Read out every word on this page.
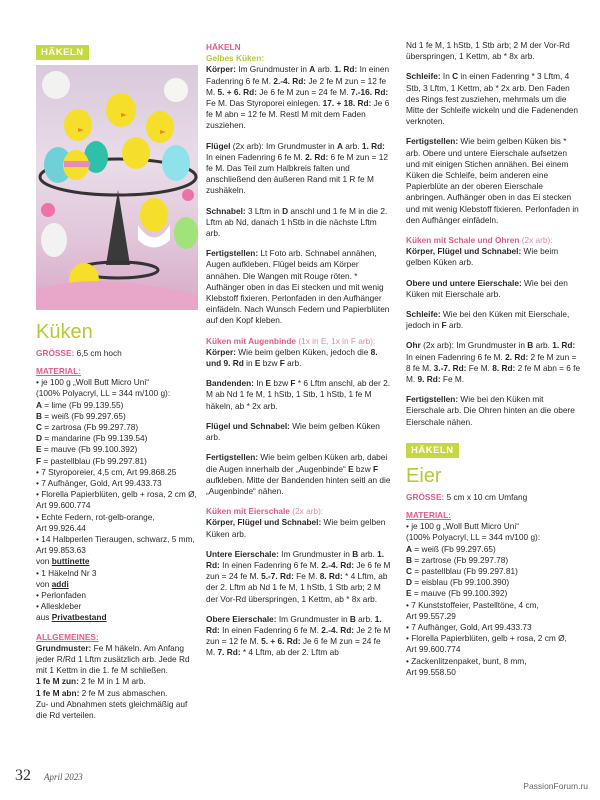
HÄKELN
Küken
GRÖSSE: 6,5 cm hoch
MATERIAL:
• je 100 g „Woll Butt Micro Uni“
(100% Polyacryl, LL = 344 m/100 g):
A = lime (Fb 99.139.55)
B = weiß (Fb 99.297.65)
C = zartrosa (Fb 99.297.78)
D = mandarine (Fb 99.139.54)
E = mauve (Fb 99.100.392)
F = pastellblau (Fb 99.297.81)
• 7 Styroporeier, 4,5 cm, Art 99.868.25
• 7 Aufhänger, Gold, Art 99.433.73
• Florella Papierblüten, gelb + rosa, 2 cm Ø,
Art 99.600.774
• Echte Federn, rot-gelb-orange,
Art 99.926.44
• 14 Halbperlen Tieraugen, schwarz, 5 mm,
Art 99.853.63
von buttinette
• 1 Häkelnd Nr 3
von addi
• Perlonfaden
• Alleskleber
aus Privatbestand
ALLGEMEINES:
Grundmuster: Fe M häkeln. Am Anfang jeder R/Rd 1 Lftm zusätzlich arb. Jede Rd mit 1 Kettm in die 1. fe M schließen.
1 fe M zun: 2 fe M in 1 M arb.
1 fe M abn: 2 fe M zus abmaschen.
Zu- und Abnahmen stets gleichmäßig auf die Rd verteilen.
HÄKELN
Gelbes Küken:

Körper: Im Grundmuster in A arb. 1. Rd: In einen Fadenring 6 fe M. 2.-4. Rd: Je 2 fe M zun = 12 fe M. 5. + 6. Rd: Je 6 fe M zun = 24 fe M. 7.-16. Rd: Fe M. Das Styroporei einlegen. 17. + 18. Rd: Je 6 fe M abn = 12 fe M. Restl M mit dem Faden zusziehen.

Flügel (2x arb): Im Grundmuster in A arb. 1. Rd: In einen Fadenring 6 fe M. 2. Rd: 6 fe M zun = 12 fe M. Das Teil zum Halbkreis falten und anschließend den äußeren Rand mit 1 R fe M zushäkeln.

Schnabel: 3 Lftm in D anschl und 1 fe M in die 2. Lftm ab Nd, danach 1 hStb in die nächste Lftm arb.

Fertigstellen: Lt Foto arb. Schnabel annähen, Augen aufkleben. Flügel beids am Körper annähen. Die Wangen mit Rouge röten. * Aufhänger oben in das Ei stecken und mit wenig Klebstoff fixieren. Perlonfaden in den Aufhänger einfädeln. Nach Wunsch Federn und Papierblüten auf den Kopf kleben.

Küken mit Augenbinde (1x in E, 1x in F arb):

Körper: Wie beim gelben Küken, jedoch die 8. und 9. Rd in E bzw F arb.

Bandenden: In E bzw F * 6 Lftm anschl, ab der 2. M ab Nd 1 fe M, 1 hStb, 1 Stb, 1 hStb, 1 fe M häkeln, ab * 2x arb.

Flügel und Schnabel: Wie beim gelben Küken arb.

Fertigstellen: Wie beim gelben Küken arb, dabei die Augen innerhalb der „Augenbinde“ E bzw F aufkleben. Mitte der Bandenden hinten seitl an die „Augenbinde“ nähen.

Küken mit Eierschale (2x arb):

Körper, Flügel und Schnabel: Wie beim gelben Küken arb.

Untere Eierschale: Im Grundmuster in B arb. 1. Rd: In einen Fadenring 6 fe M. 2.-4. Rd: Je 6 fe M zun = 24 fe M. 5.-7. Rd: Fe M. 8. Rd: * 4 Lftm, ab der 2. Lftm ab Nd 1 fe M, 1 hStb, 1 Stb arb; 2 M der Vor-Rd überspringen, 1 Kettm, ab * 8x arb.

Obere Eierschale: Im Grundmuster in B arb. 1. Rd: In einen Fadenring 6 fe M. 2.-4. Rd: Je 2 fe M zun = 12 fe M. 5. + 6. Rd: Je 6 fe M zun = 24 fe M. 7. Rd: * 4 Lftm, ab der 2. Lftm ab

Nd 1 fe M, 1 hStb, 1 Stb arb; 2 M der Vor-Rd überspringen, 1 Kettm, ab * 8x arb.

Schleife: In C in einen Fadenring * 3 Lftm, 4 Stb, 3 Lftm, 1 Kettm, ab * 2x arb. Den Faden des Rings fest zusziehen, mehrmals um die Mitte der Schleife wickeln und die Fadenenden verknoten.

Fertigstellen: Wie beim gelben Küken bis * arb. Obere und untere Eierschale aufsetzen und mit einigen Stichen annähen. Bei einem Küken die Schleife, beim anderen eine Papierblüte an der oberen Eierschale anbringen. Aufhänger oben in das Ei stecken und mit wenig Klebstoff fixieren. Perlonfaden in den Aufhänger einfädeln.

Küken mit Schale und Ohren (2x arb):

Körper, Flügel und Schnabel: Wie beim gelben Küken arb.

Obere und untere Eierschale: Wie bei den Küken mit Eierschale arb.

Schleife: Wie bei den Küken mit Eierschale, jedoch in F arb.

Ohr (2x arb): Im Grundmuster in B arb. 1. Rd: In einen Fadenring 6 fe M. 2. Rd: 2 fe M zun = 8 fe M. 3.-7. Rd: Fe M. 8. Rd: 2 fe M abn = 6 fe M. 9. Rd: Fe M.

Fertigstellen: Wie bei den Küken mit Eierschale arb. Die Ohren hinten an die obere Eierschale nähen.

HÄKELN
Eier
GRÖSSE: 5 cm x 10 cm Umfang
MATERIAL:
• je 100 g „Woll Butt Micro Uni“
(100% Polyacryl, LL = 344 m/100 g):
A = weiß (Fb 99.297.65)
B = zartrose (Fb 99.297.78)
C = pastellblau (Fb 99.297.81)
D = eisblau (Fb 99.100.390)
E = mauve (Fb 99.100.392)
• 7 Kunststoffeier, Pastelltöne, 4 cm,
Art 99.557.29
• 7 Aufhänger, Gold, Art 99.433.73
• Florella Papierblüten, gelb + rosa, 2 cm Ø,
Art 99.600.774
• Zackenlitzenpaket, bunt, 8 mm,
Art 99.558.50
32 April 2023
PassionForum.ru
